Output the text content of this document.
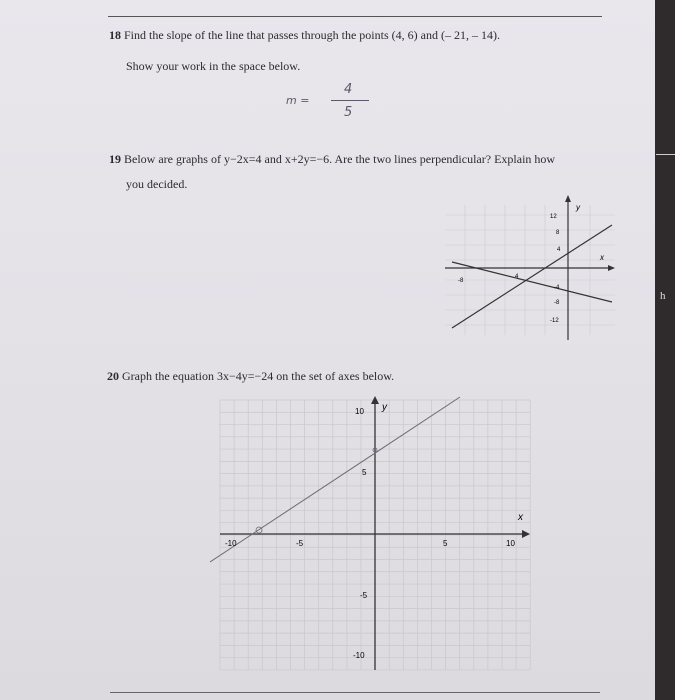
18 Find the slope of the line that passes through the points (4, 6) and (– 21, – 14).
Show your work in the space below.
m =
4
5
19 Below are graphs of y−2x=4 and x+2y=−6. Are the two lines perpendicular? Explain how
you decided.
x
y
-8
4
12
8
4
-4
-8
-12
20 Graph the equation 3x−4y=−24 on the set of axes below.
x
y
-10	-5	5	10
10
5
-5
-10
h
